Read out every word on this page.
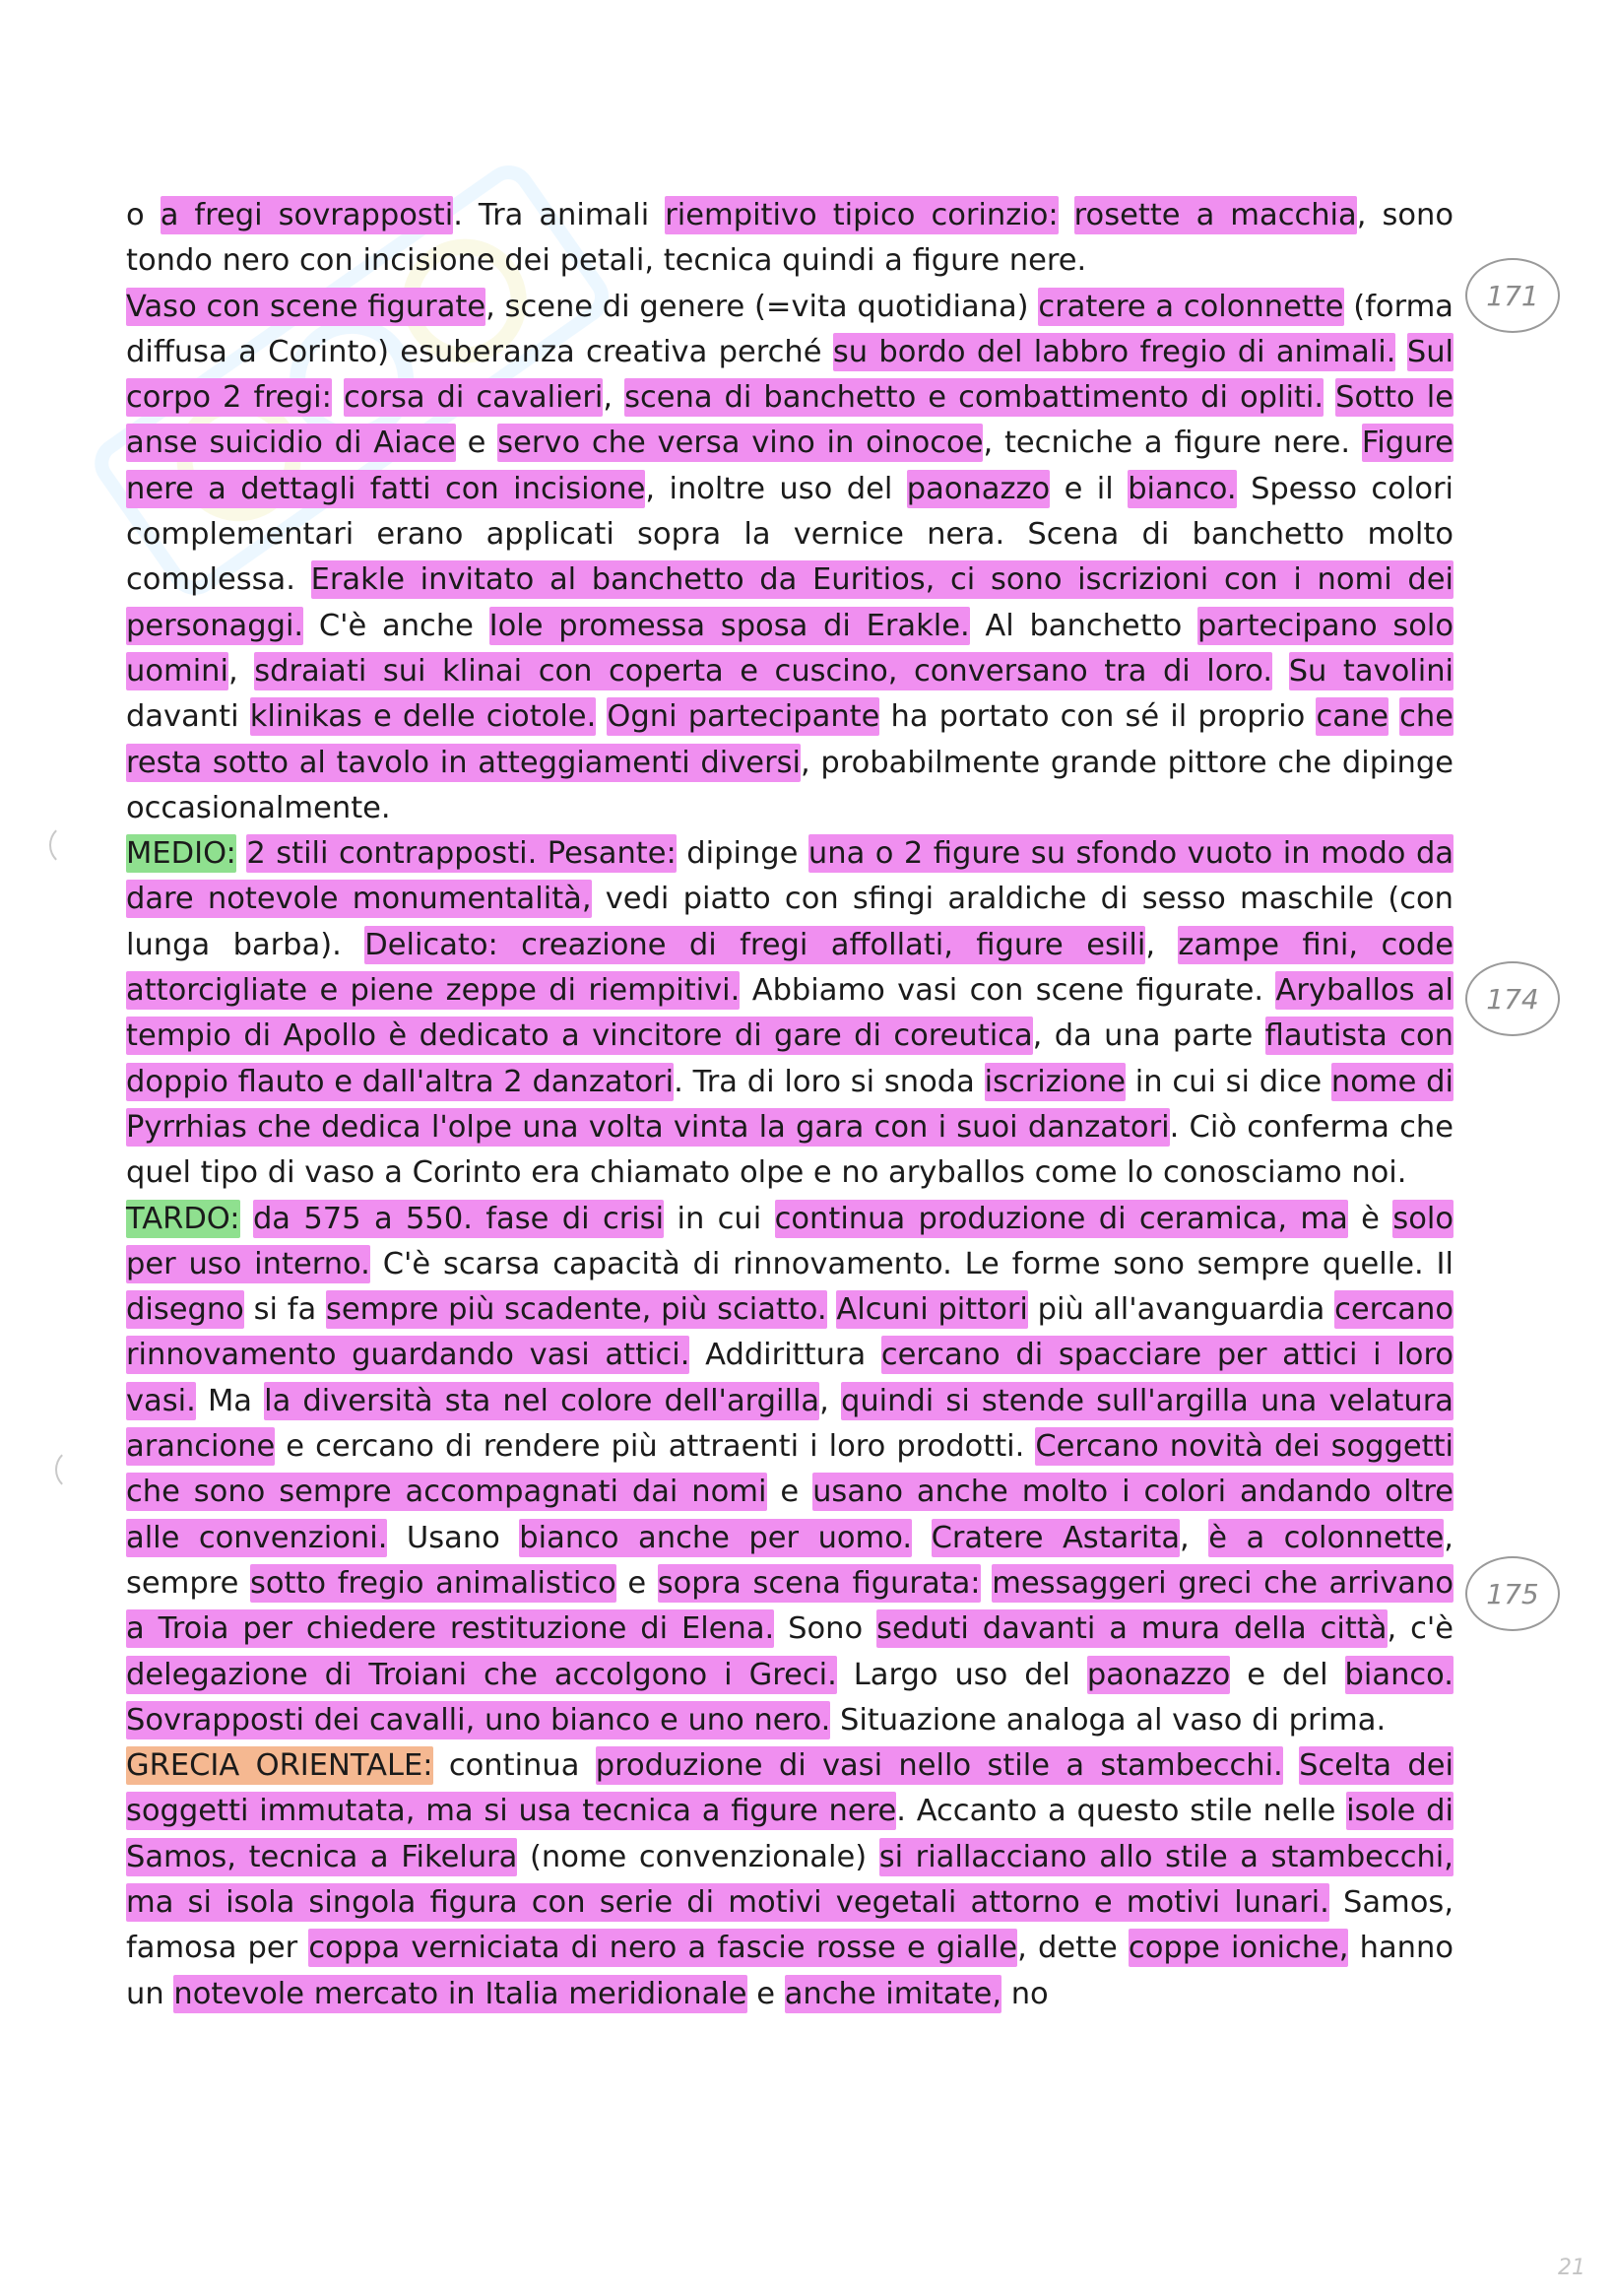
o a fregi sovrapposti. Tra animali riempitivo tipico corinzio: rosette a macchia, sono tondo nero con incisione dei petali, tecnica quindi a figure nere.

Vaso con scene figurate, scene di genere (=vita quotidiana) cratere a colonnette (forma diffusa a Corinto) esuberanza creativa perché su bordo del labbro fregio di animali. Sul corpo 2 fregi: corsa di cavalieri, scena di banchetto e combattimento di opliti. Sotto le anse suicidio di Aiace e servo che versa vino in oinocoe, tecniche a figure nere. Figure nere a dettagli fatti con incisione, inoltre uso del paonazzo e il bianco. Spesso colori complementari erano applicati sopra la vernice nera. Scena di banchetto molto complessa. Erakle invitato al banchetto da Euritios, ci sono iscrizioni con i nomi dei personaggi. C'è anche Iole promessa sposa di Erakle. Al banchetto partecipano solo uomini, sdraiati sui klinai con coperta e cuscino, conversano tra di loro. Su tavolini davanti klinikas e delle ciotole. Ogni partecipante ha portato con sé il proprio cane che resta sotto al tavolo in atteggiamenti diversi, probabilmente grande pittore che dipinge occasionalmente.

MEDIO: 2 stili contrapposti. Pesante: dipinge una o 2 figure su sfondo vuoto in modo da dare notevole monumentalità, vedi piatto con sfingi araldiche di sesso maschile (con lunga barba). Delicato: creazione di fregi affollati, figure esili, zampe fini, code attorcigliate e piene zeppe di riempitivi. Abbiamo vasi con scene figurate. Aryballos al tempio di Apollo è dedicato a vincitore di gare di coreutica, da una parte flautista con doppio flauto e dall'altra 2 danzatori. Tra di loro si snoda iscrizione in cui si dice nome di Pyrrhias che dedica l'olpe una volta vinta la gara con i suoi danzatori. Ciò conferma che quel tipo di vaso a Corinto era chiamato olpe e no aryballos come lo conosciamo noi.

TARDO: da 575 a 550. fase di crisi in cui continua produzione di ceramica, ma è solo per uso interno. C'è scarsa capacità di rinnovamento. Le forme sono sempre quelle. Il disegno si fa sempre più scadente, più sciatto. Alcuni pittori più all'avanguardia cercano rinnovamento guardando vasi attici. Addirittura cercano di spacciare per attici i loro vasi. Ma la diversità sta nel colore dell'argilla, quindi si stende sull'argilla una velatura arancione e cercano di rendere più attraenti i loro prodotti. Cercano novità dei soggetti che sono sempre accompagnati dai nomi e usano anche molto i colori andando oltre alle convenzioni. Usano bianco anche per uomo. Cratere Astarita, è a colonnette, sempre sotto fregio animalistico e sopra scena figurata: messaggeri greci che arrivano a Troia per chiedere restituzione di Elena. Sono seduti davanti a mura della città, c'è delegazione di Troiani che accolgono i Greci. Largo uso del paonazzo e del bianco. Sovrapposti dei cavalli, uno bianco e uno nero. Situazione analoga al vaso di prima.

GRECIA ORIENTALE: continua produzione di vasi nello stile a stambecchi. Scelta dei soggetti immutata, ma si usa tecnica a figure nere. Accanto a questo stile nelle isole di Samos, tecnica a Fikelura (nome convenzionale) si riallacciano allo stile a stambecchi, ma si isola singola figura con serie di motivi vegetali attorno e motivi lunari. Samos, famosa per coppa verniciata di nero a fascie rosse e gialle, dette coppe ioniche, hanno un notevole mercato in Italia meridionale e anche imitate, no

171
174
175
21
